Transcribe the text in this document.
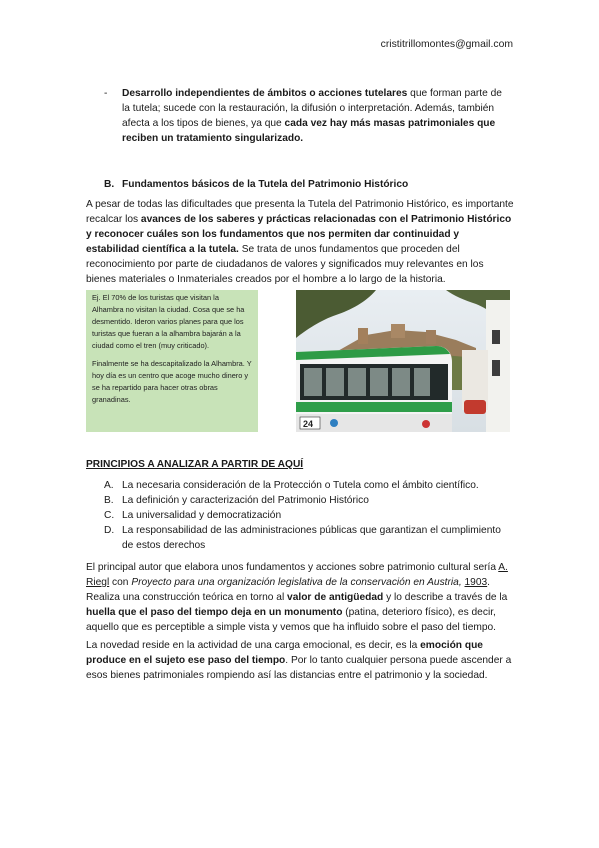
cristitrillomontes@gmail.com
-	Desarrollo independientes de ámbitos o acciones tutelares que forman parte de la tutela; sucede con la restauración, la difusión o interpretación. Además, también afecta a los tipos de bienes, ya que cada vez hay más masas patrimoniales que reciben un tratamiento singularizado.
B. Fundamentos básicos de la Tutela del Patrimonio Histórico
A pesar de todas las dificultades que presenta la Tutela del Patrimonio Histórico, es importante recalcar los avances de los saberes y prácticas relacionadas con el Patrimonio Histórico y reconocer cuáles son los fundamentos que nos permiten dar continuidad y estabilidad científica a la tutela. Se trata de unos fundamentos que proceden del reconocimiento por parte de ciudadanos de valores y significados muy relevantes en los bienes materiales o Inmateriales creados por el hombre a lo largo de la historia.

Ej. El 70% de los turistas que visitan la Alhambra no visitan la ciudad. Cosa que se ha desmentido. Ideron varios planes para que los turistas que fueran a la alhambra bajarán a la ciudad como el tren (muy criticado).

Finalmente se ha descapitalizado la Alhambra. Y hoy día es un centro que acoge mucho dinero y se ha repartido para hacer otras obras granadinas.

24
PRINCIPIOS A ANALIZAR A PARTIR DE AQUÍ
A. La necesaria consideración de la Protección o Tutela como el ámbito científico.
B. La definición y caracterización del Patrimonio Histórico
C. La universalidad y democratización
D. La responsabilidad de las administraciones públicas que garantizan el cumplimiento de estos derechos
El principal autor que elabora unos fundamentos y acciones sobre patrimonio cultural sería A. Riegl con Proyecto para una organización legislativa de la conservación en Austria, 1903. Realiza una construcción teórica en torno al valor de antigüedad y lo describe a través de la huella que el paso del tiempo deja en un monumento (patina, deterioro físico), es decir, aquello que es perceptible a simple vista y vemos que ha influido sobre el paso del tiempo.
La novedad reside en la actividad de una carga emocional, es decir, es la emoción que produce en el sujeto ese paso del tiempo. Por lo tanto cualquier persona puede ascender a esos bienes patrimoniales rompiendo así las distancias entre el patrimonio y la sociedad.
